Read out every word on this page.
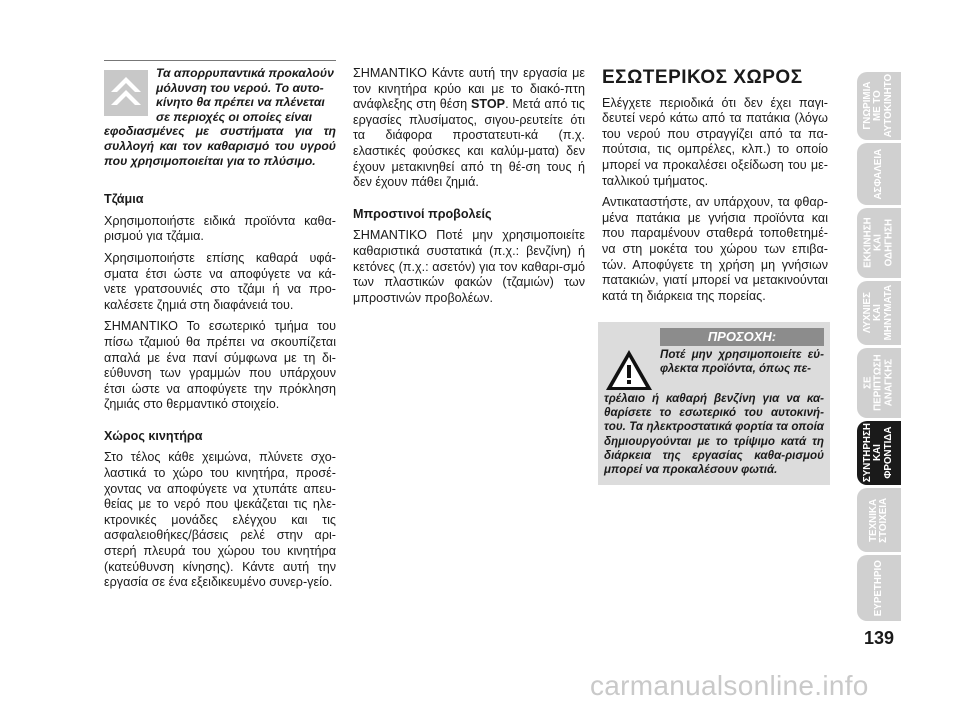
Τα απορρυπαντικά προκαλούν
μόλυνση του νερού. Το αυτο-
κίνητο θα πρέπει να πλένεται
σε περιοχές οι οποίες είναι
εφοδιασμένες με συστήματα για τη συλλογή και τον καθαρισμό του υγρού που χρησιμοποιείται για το πλύσιμο.
Τζάμια

Χρησιμοποιήστε ειδικά προϊόντα καθα-ρισμού για τζάμια.

Χρησιμοποιήστε επίσης καθαρά υφά-σματα έτσι ώστε να αποφύγετε να κά-νετε γρατσουνιές στο τζάμι ή να προ-καλέσετε ζημιά στη διαφάνειά του.

ΣΗΜΑΝΤΙΚΟ Το εσωτερικό τμήμα του πίσω τζαμιού θα πρέπει να σκουπίζεται απαλά με ένα πανί σύμφωνα με τη δι-εύθυνση των γραμμών που υπάρχουν έτσι ώστε να αποφύγετε την πρόκληση ζημιάς στο θερμαντικό στοιχείο.

Χώρος κινητήρα

Στο τέλος κάθε χειμώνα, πλύνετε σχο-λαστικά το χώρο του κινητήρα, προσέ-χοντας να αποφύγετε να χτυπάτε απευ-θείας με το νερό που ψεκάζεται τις ηλε-κτρονικές μονάδες ελέγχου και τις ασφαλειοθήκες/βάσεις ρελέ στην αρι-στερή πλευρά του χώρου του κινητήρα (κατεύθυνση κίνησης). Κάντε αυτή την εργασία σε ένα εξειδικευμένο συνερ-γείο.

ΣΗΜΑΝΤΙΚΟ Κάντε αυτή την εργασία με τον κινητήρα κρύο και με το διακό-πτη ανάφλεξης στη θέση STOP. Μετά από τις εργασίες πλυσίματος, σιγου-ρευτείτε ότι τα διάφορα προστατευτι-κά (π.χ. ελαστικές φούσκες και καλύμ-ματα) δεν έχουν μετακινηθεί από τη θέ-ση τους ή δεν έχουν πάθει ζημιά.

Μπροστινοί προβολείς

ΣΗΜΑΝΤΙΚΟ Ποτέ μην χρησιμοποιείτε καθαριστικά συστατικά (π.χ.: βενζίνη) ή κετόνες (π.χ.: ασετόν) για τον καθαρι-σμό των πλαστικών φακών (τζαμιών) των μπροστινών προβολέων.

ΕΣΩΤΕΡΙΚΟΣ ΧΩΡΟΣ

Ελέγχετε περιοδικά ότι δεν έχει παγι-δευτεί νερό κάτω από τα πατάκια (λόγω του νερού που στραγγίζει από τα πα-πούτσια, τις ομπρέλες, κλπ.) το οποίο μπορεί να προκαλέσει οξείδωση του με-ταλλικού τμήματος.

Αντικαταστήστε, αν υπάρχουν, τα φθαρ-μένα πατάκια με γνήσια προϊόντα και που παραμένουν σταθερά τοποθετημέ-να στη μοκέτα του χώρου των επιβα-τών. Αποφύγετε τη χρήση μη γνήσιων πατακιών, γιατί μπορεί να μετακινούνται κατά τη διάρκεια της πορείας.

ΠΡΟΣΟΧΗ:
Ποτέ μην χρησιμοποιείτε εύ-φλεκτα προϊόντα, όπως πε-
τρέλαιο ή καθαρή βενζίνη για να κα-θαρίσετε το εσωτερικό του αυτοκινή-του. Τα ηλεκτροστατικά φορτία τα οποία δημιουργούνται με το τρίψιμο κατά τη διάρκεια της εργασίας καθα-ρισμού μπορεί να προκαλέσουν φωτιά.
ΓΝΩΡΙΜΙΑ
ΜΕ ΤΟ
ΑΥΤΟΚΙΝΗΤΟ
ΑΣΦΑΛΕΙΑ
ΕΚΚΙΝΗΣΗ
ΚΑΙ
ΟΔΗΓΗΣΗ
ΛΥΧΝΙΕΣ
ΚΑΙ
ΜΗΝΥΜΑΤΑ
ΣΕ
ΠΕΡΙΠΤΩΣΗ
ΑΝΑΓΚΗΣ
ΣΥΝΤΗΡΗΣΗ
ΚΑΙ
ΦΡΟΝΤΙΔΑ
ΤΕΧΝΙΚΑ
ΣΤΟΙΧΕΙΑ
ΕΥΡΕΤΗΡΙΟ
139
carmanualsonline.info
